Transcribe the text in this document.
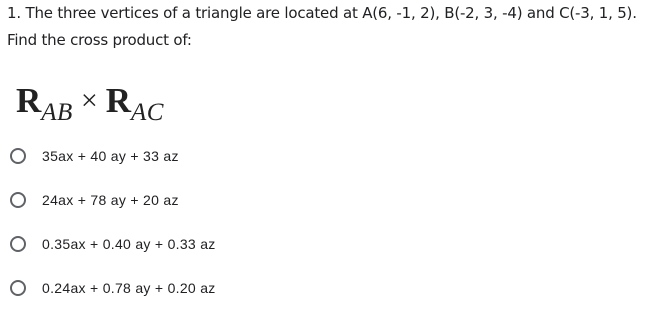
1. The three vertices of a triangle are located at A(6, -1, 2), B(-2, 3, -4) and C(-3, 1, 5). Find the cross product of:
RAB × RAC
35ax + 40 ay + 33 az
24ax + 78 ay + 20 az
0.35ax + 0.40 ay + 0.33 az
0.24ax + 0.78 ay + 0.20 az
